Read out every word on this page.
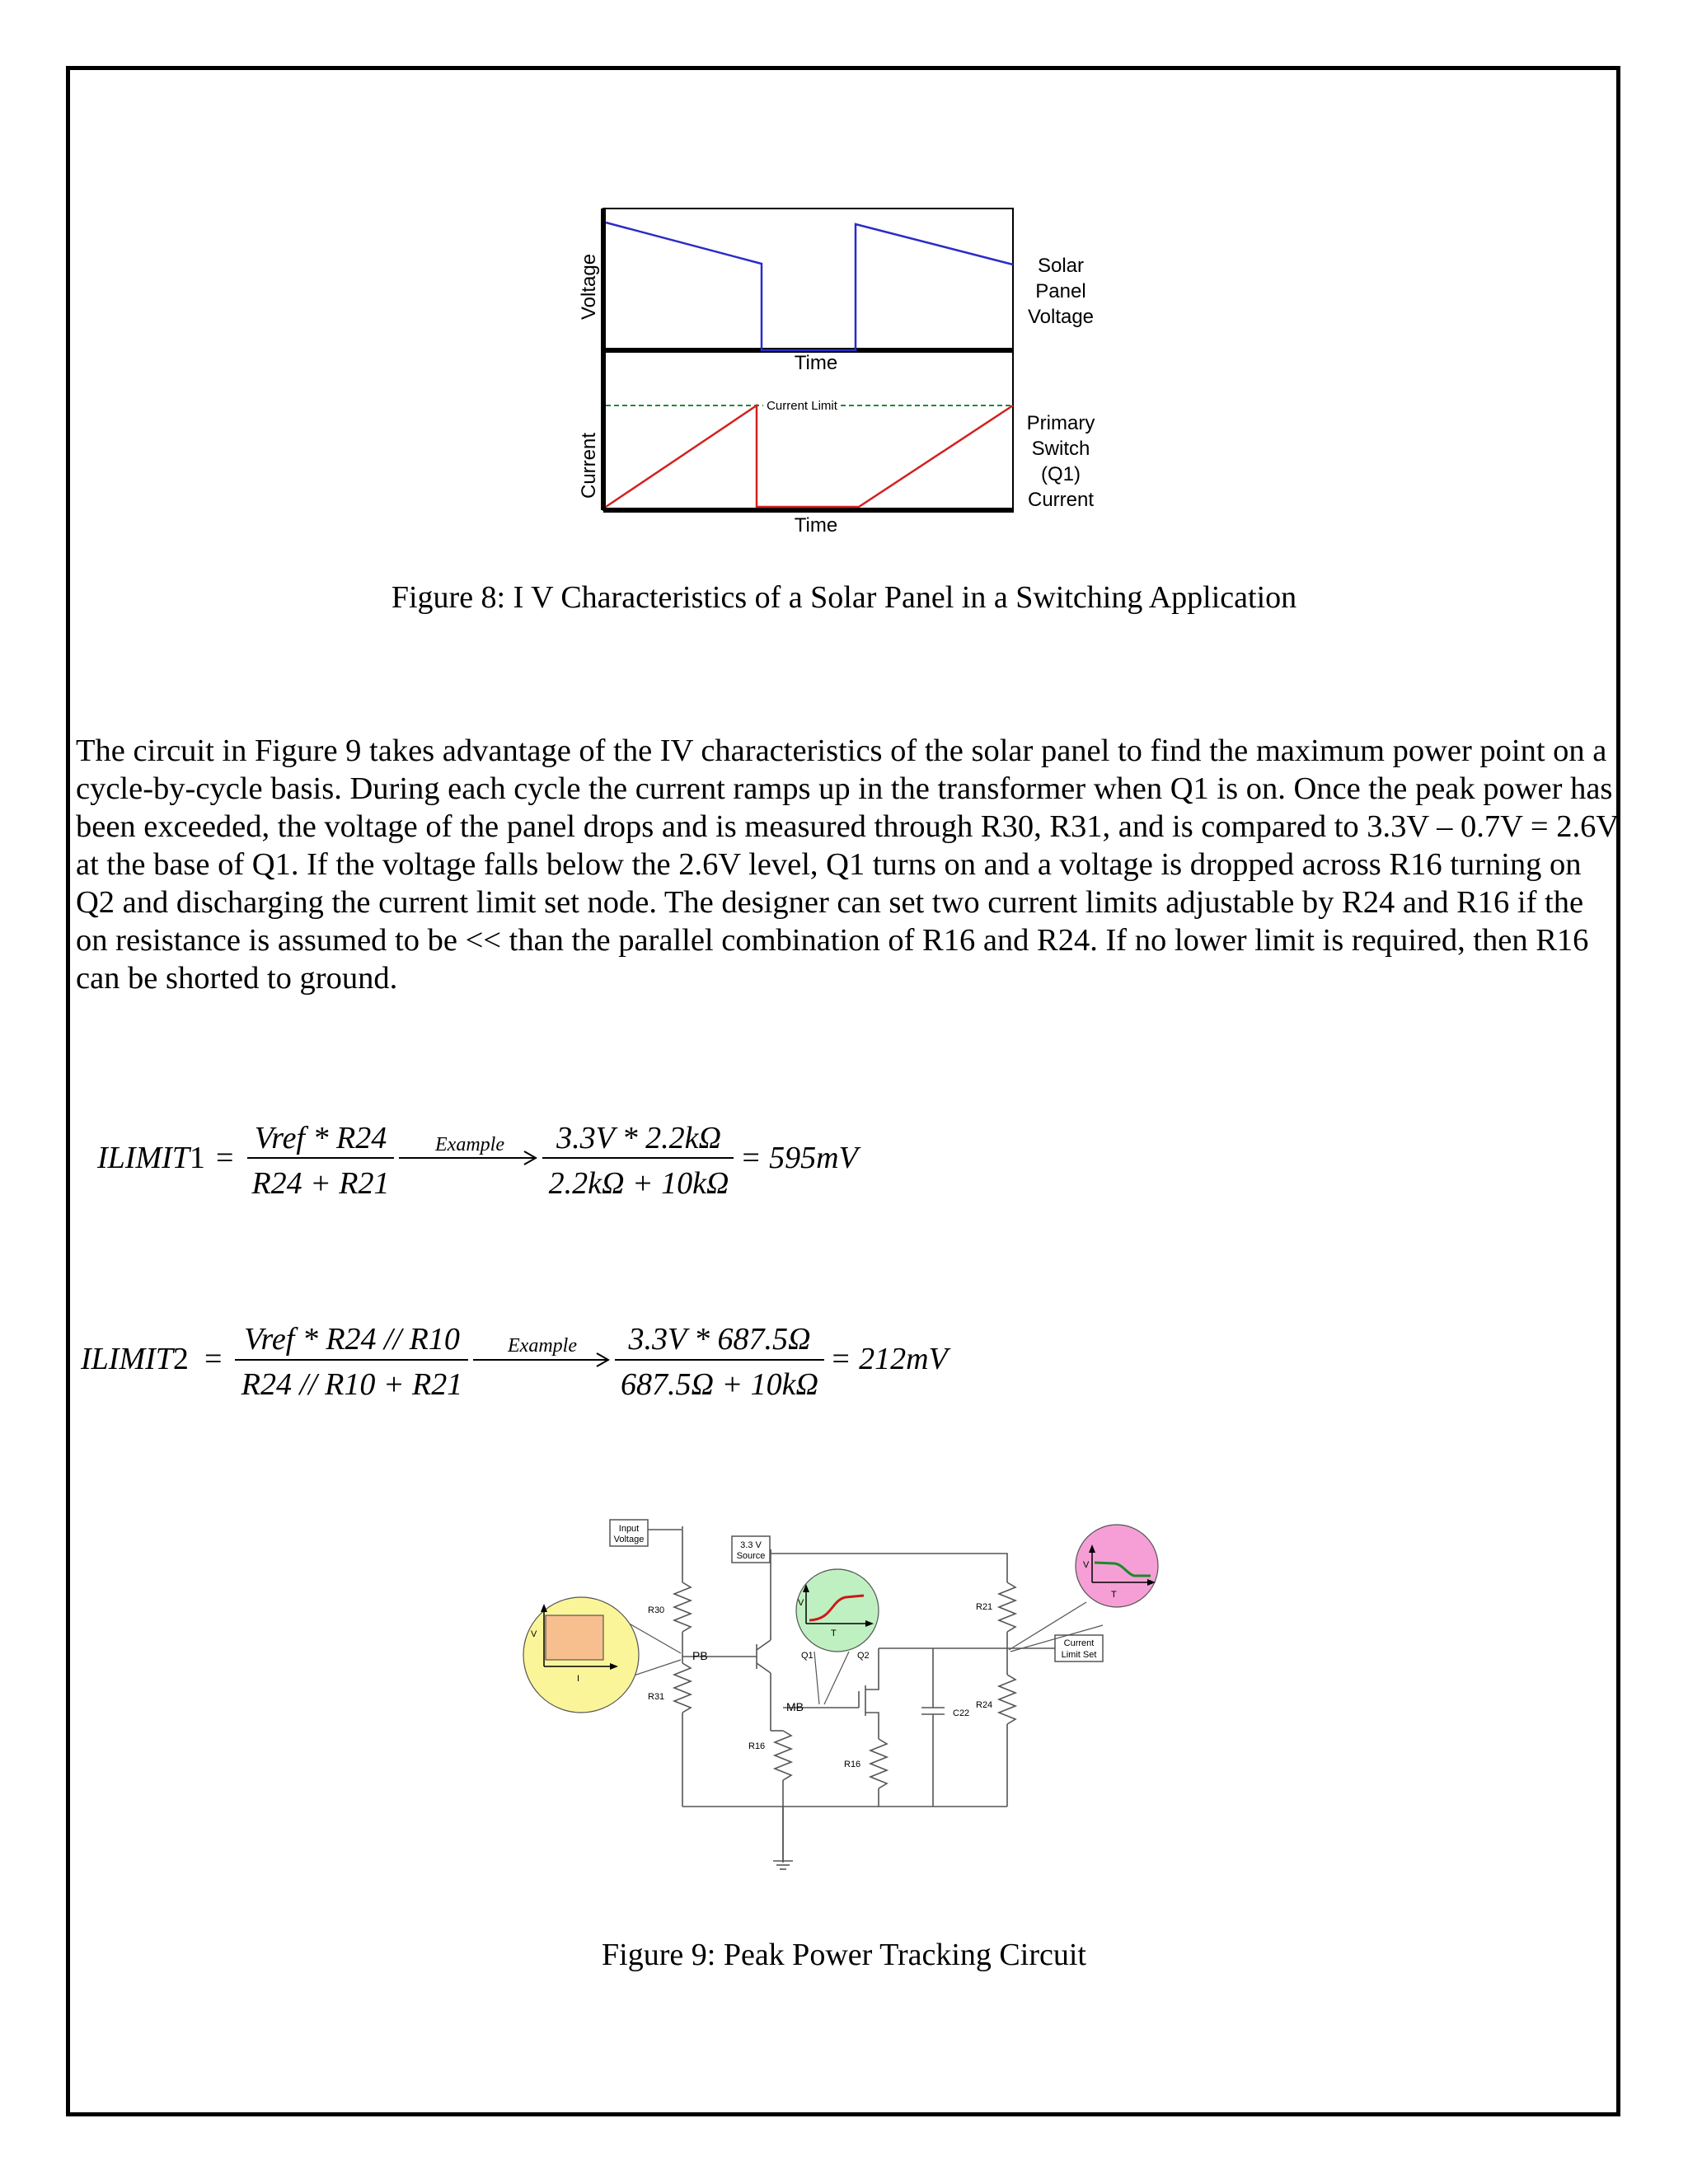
Voltage
Current
Time
Time
Current Limit
Solar
Panel
Voltage
Primary
Switch
(Q1)
Current
Figure 8: I V Characteristics of a Solar Panel in a Switching Application

The circuit in Figure 9 takes advantage of the IV characteristics of the solar panel to find the maximum power point on a cycle-by-cycle basis. During each cycle the current ramps up in the transformer when Q1 is on. Once the peak power has been exceeded, the voltage of the panel drops and is measured through R30, R31, and is compared to 3.3V – 0.7V = 2.6V at the base of Q1. If the voltage falls below the 2.6V level, Q1 turns on and a voltage is dropped across R16 turning on Q2 and discharging the current limit set node. The designer can set two current limits adjustable by R24 and R16 if the on resistance is assumed to be << than the parallel combination of R16 and R24. If no lower limit is required, then R16 can be shorted to ground.

ILIMIT1 =
Vref * R24
R24 + R21
Example 3.3V * 2.2kΩ
2.2kΩ + 10kΩ
= 595mV
ILIMIT2 =
Vref * R24 // R10
R24 // R10 + R21
Example 3.3V * 687.5Ω
687.5Ω + 10kΩ
= 212mV
Input
Voltage
3.3 V
Source
Current
Limit Set
R30
R31
PB
MB
Q1	Q2
R16
R16
R21
R24
C22
V
I
V
T
V
T
Figure 9: Peak Power Tracking Circuit
